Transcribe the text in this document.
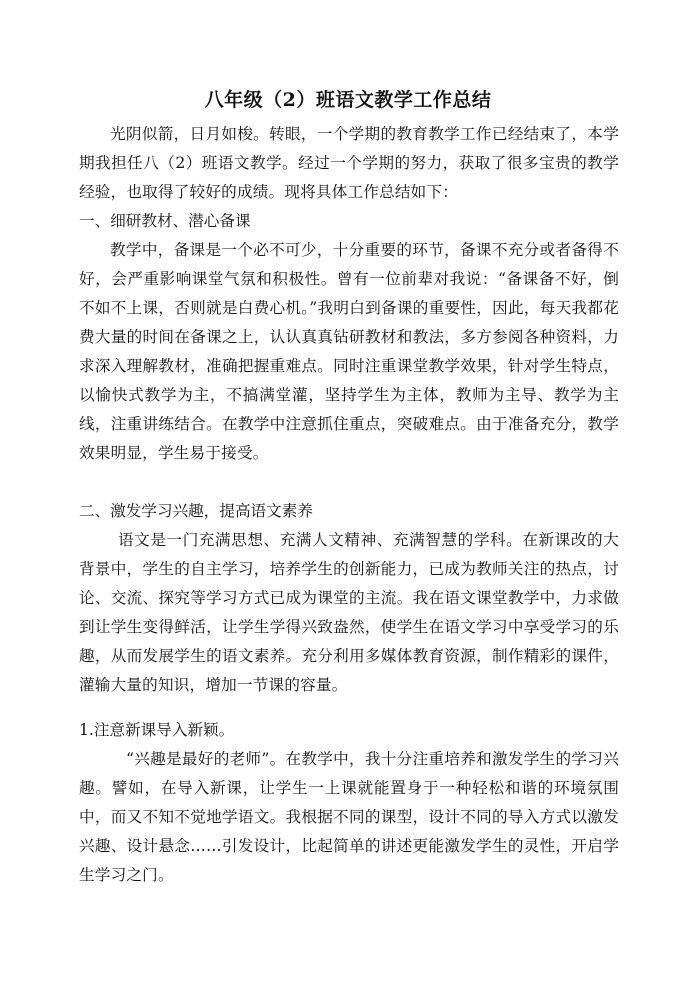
八年级（2）班语文教学工作总结
光阴似箭，日月如梭。转眼，一个学期的教育教学工作已经结束了，本学期我担任八（2）班语文教学。经过一个学期的努力，获取了很多宝贵的教学经验，也取得了较好的成绩。现将具体工作总结如下：
一、细研教材、潜心备课
教学中，备课是一个必不可少，十分重要的环节，备课不充分或者备得不好，会严重影响课堂气氛和积极性。曾有一位前辈对我说：“备课备不好，倒不如不上课，否则就是白费心机。”我明白到备课的重要性，因此，每天我都花费大量的时间在备课之上，认认真真钻研教材和教法，多方参阅各种资料，力求深入理解教材，准确把握重难点。同时注重课堂教学效果，针对学生特点，以愉快式教学为主，不搞满堂灌，坚持学生为主体，教师为主导、教学为主线，注重讲练结合。在教学中注意抓住重点，突破难点。由于准备充分，教学效果明显，学生易于接受。
二、激发学习兴趣，提高语文素养
语文是一门充满思想、充满人文精神、充满智慧的学科。在新课改的大背景中，学生的自主学习，培养学生的创新能力，已成为教师关注的热点，讨论、交流、探究等学习方式已成为课堂的主流。我在语文课堂教学中，力求做到让学生变得鲜活，让学生学得兴致盎然，使学生在语文学习中享受学习的乐趣，从而发展学生的语文素养。充分利用多媒体教育资源，制作精彩的课件，灌输大量的知识，增加一节课的容量。
1.注意新课导入新颖。
“兴趣是最好的老师”。在教学中，我十分注重培养和激发学生的学习兴趣。譬如，在导入新课，让学生一上课就能置身于一种轻松和谐的环境氛围中，而又不知不觉地学语文。我根据不同的课型，设计不同的导入方式以激发兴趣、设计悬念……引发设计，比起简单的讲述更能激发学生的灵性，开启学生学习之门。
